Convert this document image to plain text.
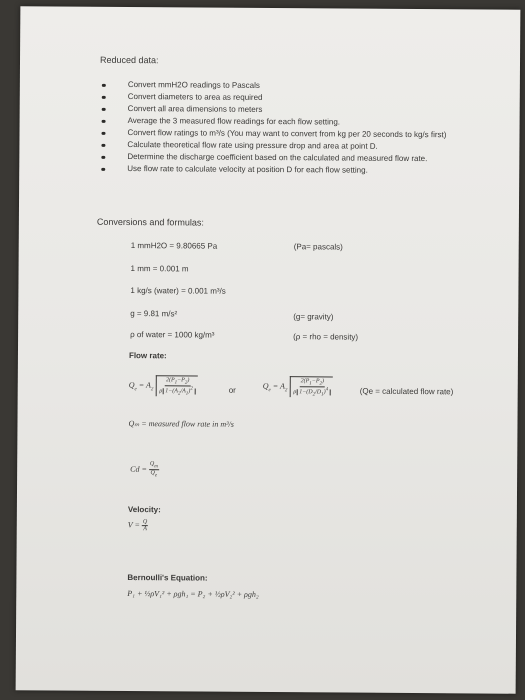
Reduced data:
Convert mmH2O readings to Pascals
Convert diameters to area as required
Convert all area dimensions to meters
Average the 3 measured flow readings for each flow setting.
Convert flow ratings to m³/s (You may want to convert from kg per 20 seconds to kg/s first)
Calculate theoretical flow rate using pressure drop and area at point D.
Determine the discharge coefficient based on the calculated and measured flow rate.
Use flow rate to calculate velocity at position D for each flow setting.
Conversions and formulas:
1 mmH2O = 9.80665 Pa	(Pa= pascals)
1 mm = 0.001 m
1 kg/s (water) = 0.001 m³/s
g = 9.81 m/s²	(g= gravity)
ρ of water = 1000 kg/m³	(ρ = rho = density)
Flow rate:
$Q_e = A_2 \frac{2(P_1-P_2)}{\rho 1-(A_2/A_1)^2}$	or	$Q_e = A_2 \frac{2(P_1-P_2)}{\rho 1-(D_2/D_1)^4}$	(Qe = calculated flow rate)
Qₘ = measured flow rate in m³/s
$Cd = \frac{Q_m}{Q_e}$
Velocity:
$V = \frac{Q}{A}$
Bernoulli's Equation:
P₁ + ½ρV₁² + ρgh₁ = P₂ + ½ρV₂² + ρgh₂
